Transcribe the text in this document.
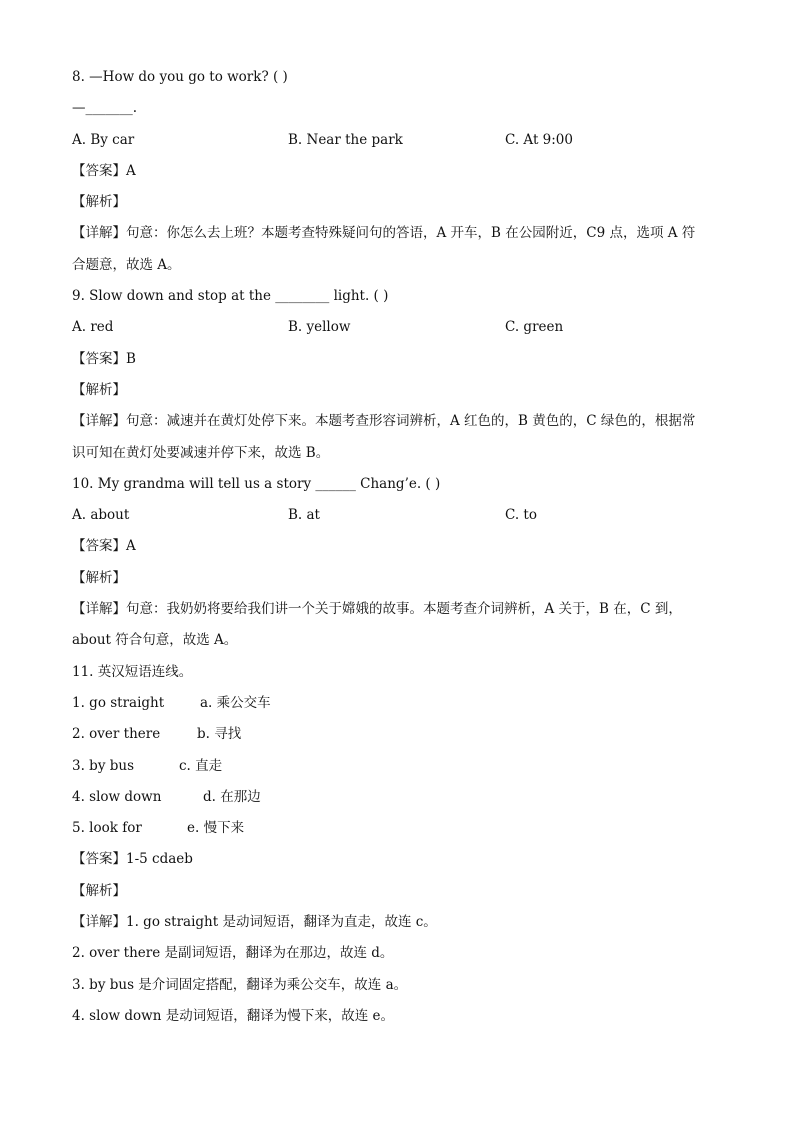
8. —How do you go to work? ( )
—_______.
A. By car	B. Near the park	C. At 9:00
【答案】A
【解析】
【详解】句意：你怎么去上班？本题考查特殊疑问句的答语，A 开车，B 在公园附近，C9 点，选项 A 符
合题意，故选 A。
9. Slow down and stop at the ________ light. ( )
A. red	B. yellow	C. green
【答案】B
【解析】
【详解】句意：减速并在黄灯处停下来。本题考查形容词辨析，A 红色的，B 黄色的，C 绿色的，根据常
识可知在黄灯处要减速并停下来，故选 B。
10. My grandma will tell us a story ______ Chang’e. ( )
A. about	B. at	C. to
【答案】A
【解析】
【详解】句意：我奶奶将要给我们讲一个关于嫦娥的故事。本题考查介词辨析，A 关于，B 在，C 到，
about 符合句意，故选 A。
11. 英汉短语连线。
1. go straight	a. 乘公交车
2. over there	b. 寻找
3. by bus	c. 直走
4. slow down	d. 在那边
5. look for	e. 慢下来
【答案】1-5 cdaeb
【解析】
【详解】1. go straight 是动词短语，翻译为直走，故连 c。
2. over there 是副词短语，翻译为在那边，故连 d。
3. by bus 是介词固定搭配，翻译为乘公交车，故连 a。
4. slow down 是动词短语，翻译为慢下来，故连 e。
